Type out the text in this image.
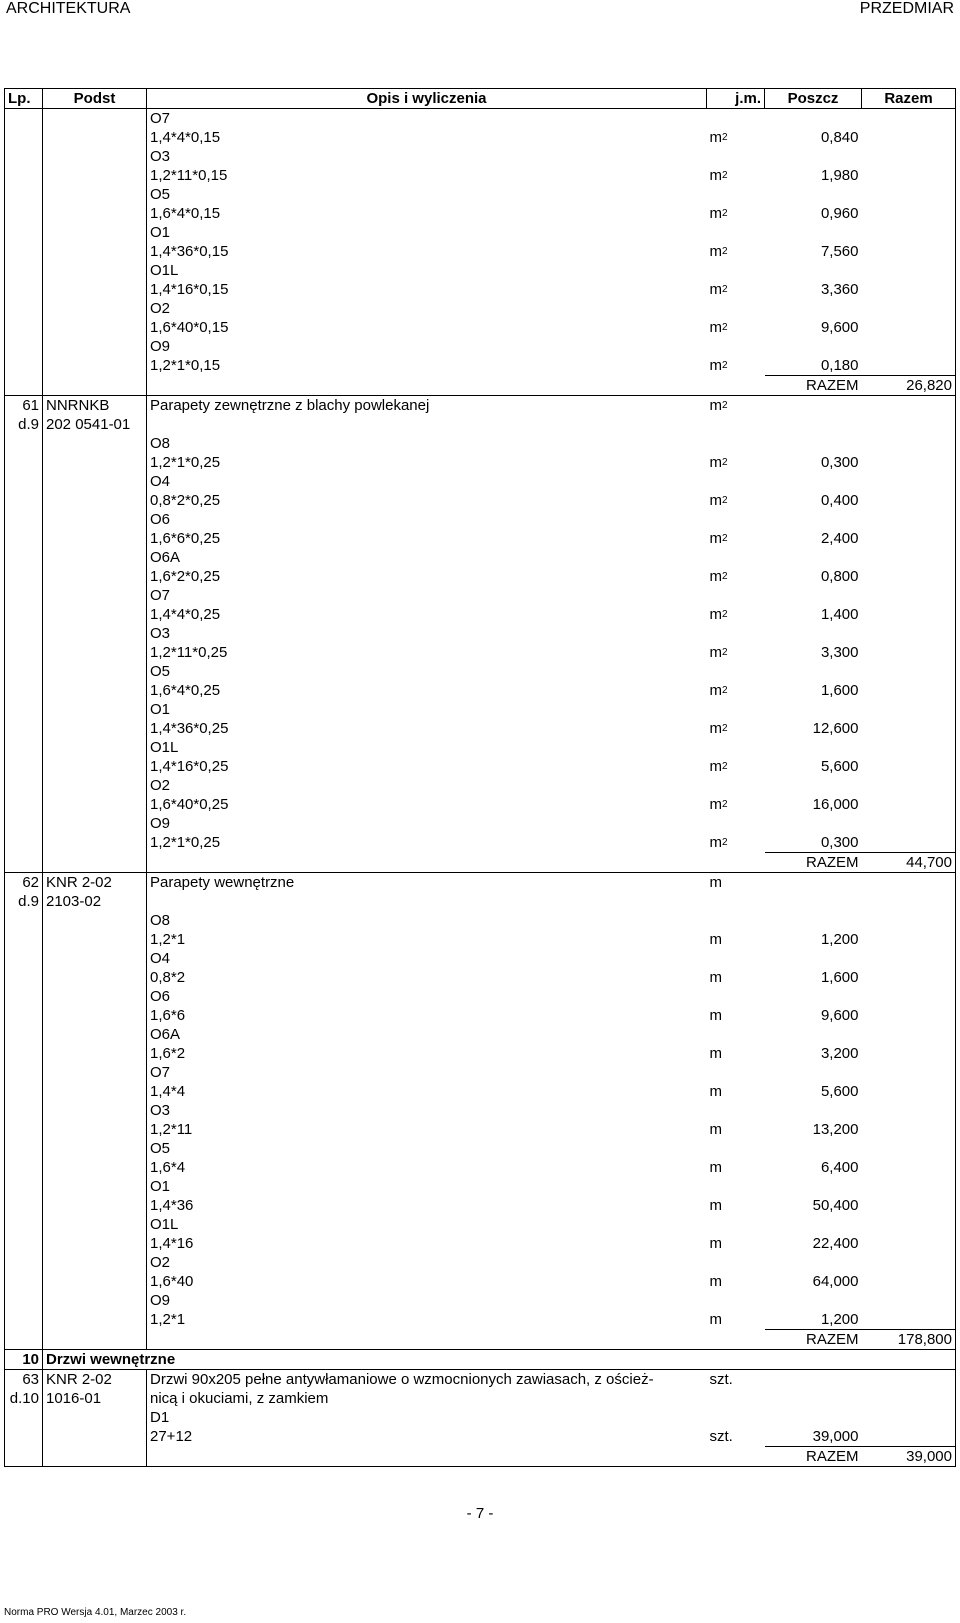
ARCHITEKTURA	PRZEDMIAR
Lp.	Podst	Opis i wyliczenia	j.m.	Poszcz	Razem
		O7			
		1,4*4*0,15	$m^2$	0,840	
		O3			
		1,2*11*0,15	$m^2$	1,980	
		O5			
		1,6*4*0,15	$m^2$	0,960	
		O1			
		1,4*36*0,15	$m^2$	7,560	
		O1L			
		1,4*16*0,15	$m^2$	3,360	
		O2			
		1,6*40*0,15	$m^2$	9,600	
		O9			
		1,2*1*0,15	$m^2$	0,180	
				RAZEM	26,820
61	NNRNKB	Parapety zewnętrzne z blachy powlekanej	$m^2$		
d.9	202 0541-01				
		O8			
		1,2*1*0,25	$m^2$	0,300	
		O4			
		0,8*2*0,25	$m^2$	0,400	
		O6			
		1,6*6*0,25	$m^2$	2,400	
		O6A			
		1,6*2*0,25	$m^2$	0,800	
		O7			
		1,4*4*0,25	$m^2$	1,400	
		O3			
		1,2*11*0,25	$m^2$	3,300	
		O5			
		1,6*4*0,25	$m^2$	1,600	
		O1			
		1,4*36*0,25	$m^2$	12,600	
		O1L			
		1,4*16*0,25	$m^2$	5,600	
		O2			
		1,6*40*0,25	$m^2$	16,000	
		O9			
		1,2*1*0,25	$m^2$	0,300	
				RAZEM	44,700
62	KNR 2-02	Parapety wewnętrzne	m		
d.9	2103-02				
		O8			
		1,2*1	m	1,200	
		O4			
		0,8*2	m	1,600	
		O6			
		1,6*6	m	9,600	
		O6A			
		1,6*2	m	3,200	
		O7			
		1,4*4	m	5,600	
		O3			
		1,2*11	m	13,200	
		O5			
		1,6*4	m	6,400	
		O1			
		1,4*36	m	50,400	
		O1L			
		1,4*16	m	22,400	
		O2			
		1,6*40	m	64,000	
		O9			
		1,2*1	m	1,200	
				RAZEM	178,800
10	Drzwi wewnętrzne				
63	KNR 2-02	Drzwi 90x205 pełne antywłamaniowe o wzmocnionych zawiasach, z oścież-	szt.		
d.10	1016-01	nicą i okuciami, z zamkiem			
		D1			
		27+12	szt.	39,000	
				RAZEM	39,000
- 7 -
Norma PRO Wersja 4.01, Marzec 2003 r.
